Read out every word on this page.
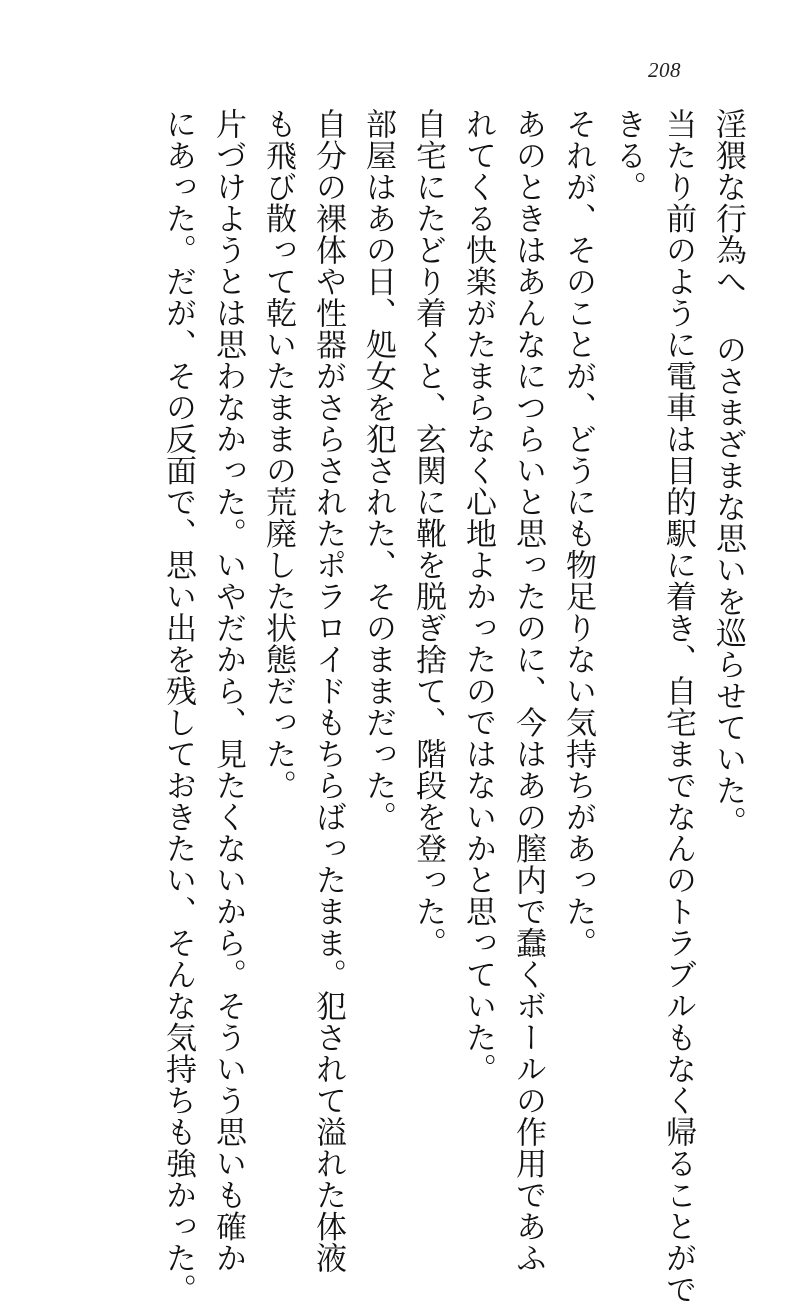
208
淫猥な行為へ のさまざまな思いを巡らせていた。
当たり前のように電車は目的駅に着き、自宅までなんのトラブルもなく帰ることがで
きる。
それが、そのことが、どうにも物足りない気持ちがあった。
あのときはあんなにつらいと思ったのに、今はあの膣内で蠢くボールの作用であふ
れてくる快楽がたまらなく心地よかったのではないかと思っていた。
自宅にたどり着くと、玄関に靴を脱ぎ捨て、階段を登った。
部屋はあの日、処女を犯された、そのままだった。
自分の裸体や性器がさらされたポラロイドもちらばったまま。犯されて溢れた体液
も飛び散って乾いたままの荒廃した状態だった。
片づけようとは思わなかった。いやだから、見たくないから。そういう思いも確か
にあった。だが、その反面で、思い出を残しておきたい、そんな気持ちも強かった。
